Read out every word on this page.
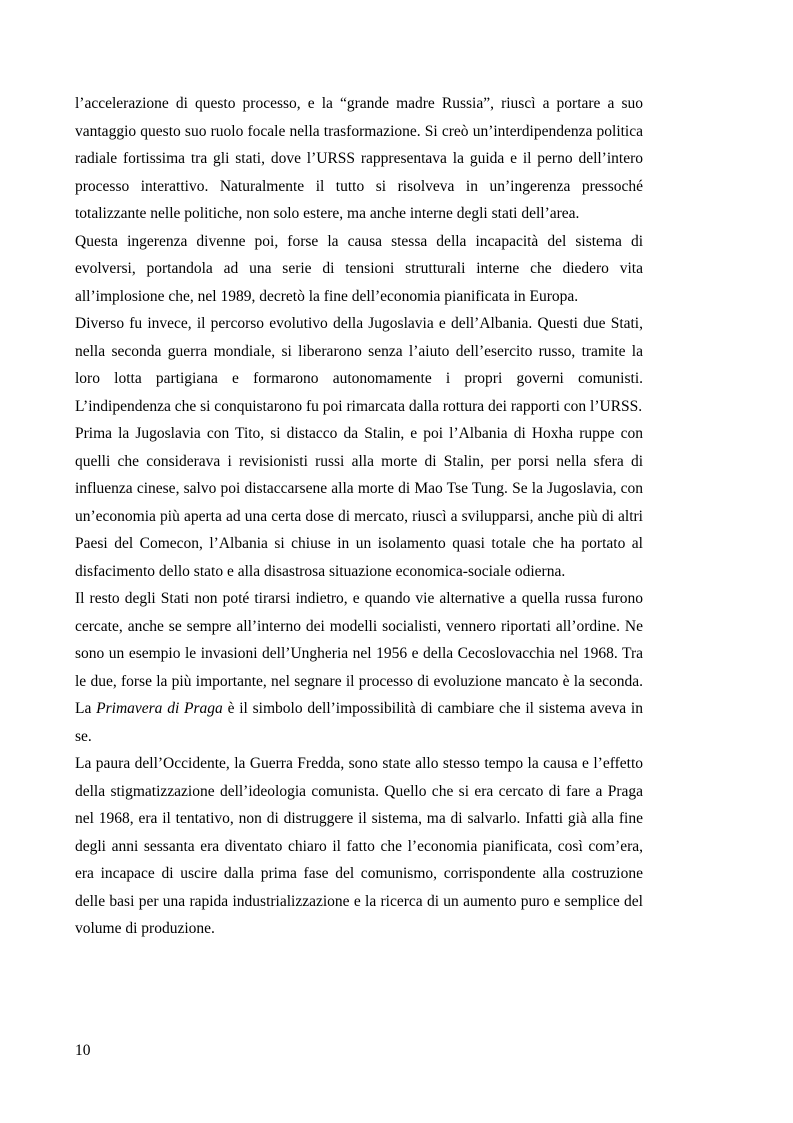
l’accelerazione di questo processo, e la “grande madre Russia”, riuscì a portare a suo vantaggio questo suo ruolo focale nella trasformazione. Si creò un’interdipendenza politica radiale fortissima tra gli stati, dove l’URSS rappresentava la guida e il perno dell’intero processo interattivo. Naturalmente il tutto si risolveva in un’ingerenza pressoché totalizzante nelle politiche, non solo estere, ma anche interne degli stati dell’area.

Questa ingerenza divenne poi, forse la causa stessa della incapacità del sistema di evolversi, portandola ad una serie di tensioni strutturali interne che diedero vita all’implosione che, nel 1989, decretò la fine dell’economia pianificata in Europa.

Diverso fu invece, il percorso evolutivo della Jugoslavia e dell’Albania. Questi due Stati, nella seconda guerra mondiale, si liberarono senza l’aiuto dell’esercito russo, tramite la loro lotta partigiana e formarono autonomamente i propri governi comunisti. L’indipendenza che si conquistarono fu poi rimarcata dalla rottura dei rapporti con l’URSS.

Prima la Jugoslavia con Tito, si distacco da Stalin, e poi l’Albania di Hoxha ruppe con quelli che considerava i revisionisti russi alla morte di Stalin, per porsi nella sfera di influenza cinese, salvo poi distaccarsene alla morte di Mao Tse Tung. Se la Jugoslavia, con un’economia più aperta ad una certa dose di mercato, riuscì a svilupparsi, anche più di altri Paesi del Comecon, l’Albania si chiuse in un isolamento quasi totale che ha portato al disfacimento dello stato e alla disastrosa situazione economica-sociale odierna.

Il resto degli Stati non poté tirarsi indietro, e quando vie alternative a quella russa furono cercate, anche se sempre all’interno dei modelli socialisti, vennero riportati all’ordine. Ne sono un esempio le invasioni dell’Ungheria nel 1956 e della Cecoslovacchia nel 1968. Tra le due, forse la più importante, nel segnare il processo di evoluzione mancato è la seconda. La Primavera di Praga è il simbolo dell’impossibilità di cambiare che il sistema aveva in se.

La paura dell’Occidente, la Guerra Fredda, sono state allo stesso tempo la causa e l’effetto della stigmatizzazione dell’ideologia comunista. Quello che si era cercato di fare a Praga nel 1968, era il tentativo, non di distruggere il sistema, ma di salvarlo. Infatti già alla fine degli anni sessanta era diventato chiaro il fatto che l’economia pianificata, così com’era, era incapace di uscire dalla prima fase del comunismo, corrispondente alla costruzione delle basi per una rapida industrializzazione e la ricerca di un aumento puro e semplice del volume di produzione.

10
